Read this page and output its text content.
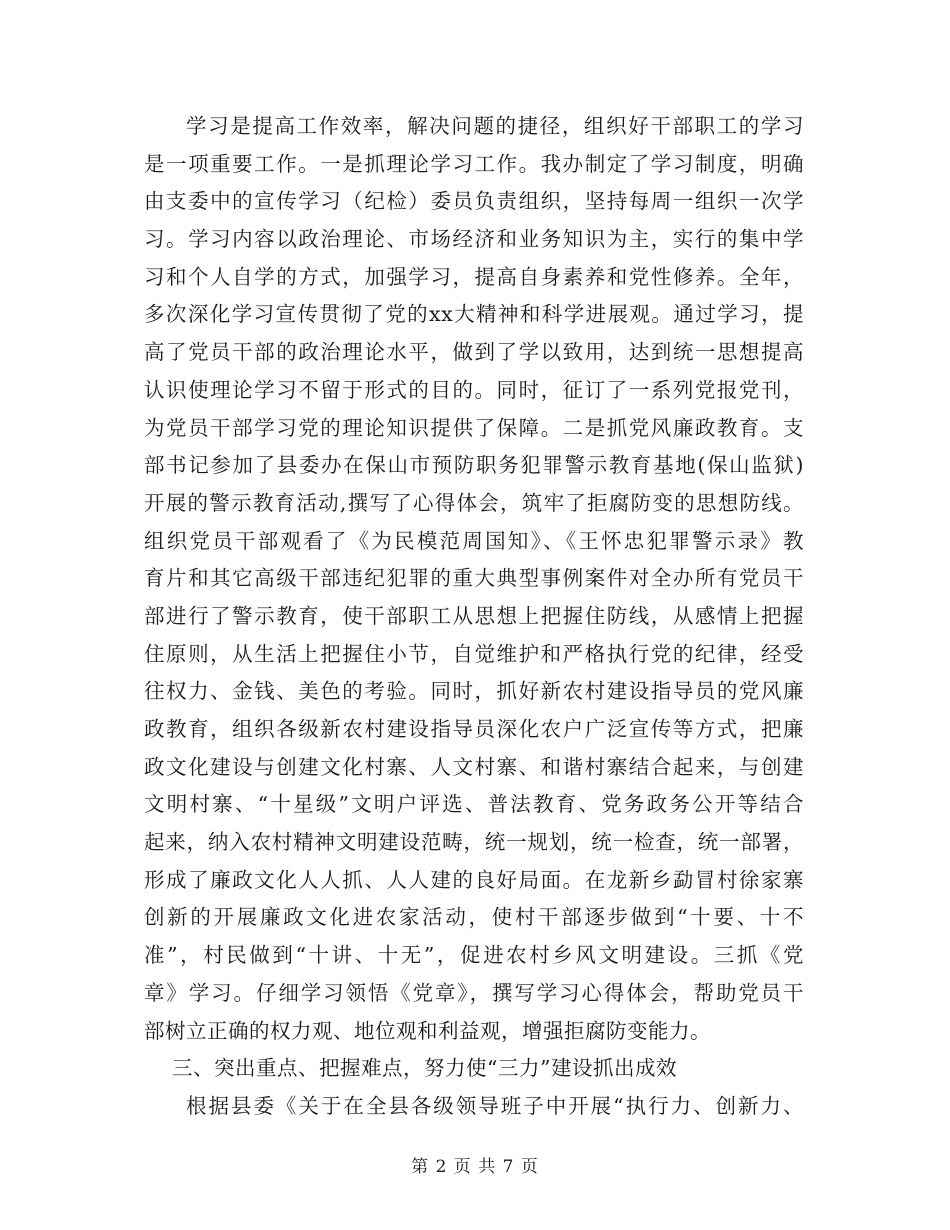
学习是提高工作效率，解决问题的捷径，组织好干部职工的学习
是一项重要工作。一是抓理论学习工作。我办制定了学习制度，明确
由支委中的宣传学习（纪检）委员负责组织，坚持每周一组织一次学
习。学习内容以政治理论、市场经济和业务知识为主，实行的集中学
习和个人自学的方式，加强学习，提高自身素养和党性修养。全年，
多次深化学习宣传贯彻了党的xx大精神和科学进展观。通过学习，提
高了党员干部的政治理论水平，做到了学以致用，达到统一思想提高
认识使理论学习不留于形式的目的。同时，征订了一系列党报党刊，
为党员干部学习党的理论知识提供了保障。二是抓党风廉政教育。支
部书记参加了县委办在保山市预防职务犯罪警示教育基地(保山监狱)
开展的警示教育活动,撰写了心得体会，筑牢了拒腐防变的思想防线。
组织党员干部观看了《为民模范周国知》、《王怀忠犯罪警示录》教
育片和其它高级干部违纪犯罪的重大典型事例案件对全办所有党员干
部进行了警示教育，使干部职工从思想上把握住防线，从感情上把握
住原则，从生活上把握住小节，自觉维护和严格执行党的纪律，经受
往权力、金钱、美色的考验。同时，抓好新农村建设指导员的党风廉
政教育，组织各级新农村建设指导员深化农户广泛宣传等方式，把廉
政文化建设与创建文化村寨、人文村寨、和谐村寨结合起来，与创建
文明村寨、“十星级”文明户评选、普法教育、党务政务公开等结合
起来，纳入农村精神文明建设范畴，统一规划，统一检查，统一部署，
形成了廉政文化人人抓、人人建的良好局面。在龙新乡勐冒村徐家寨
创新的开展廉政文化进农家活动，使村干部逐步做到“十要、十不
准”，村民做到“十讲、十无”，促进农村乡风文明建设。三抓《党
章》学习。仔细学习领悟《党章》，撰写学习心得体会，帮助党员干
部树立正确的权力观、地位观和利益观，增强拒腐防变能力。
三、突出重点、把握难点，努力使“三力”建设抓出成效
根据县委《关于在全县各级领导班子中开展“执行力、创新力、
第 2 页 共 7 页
